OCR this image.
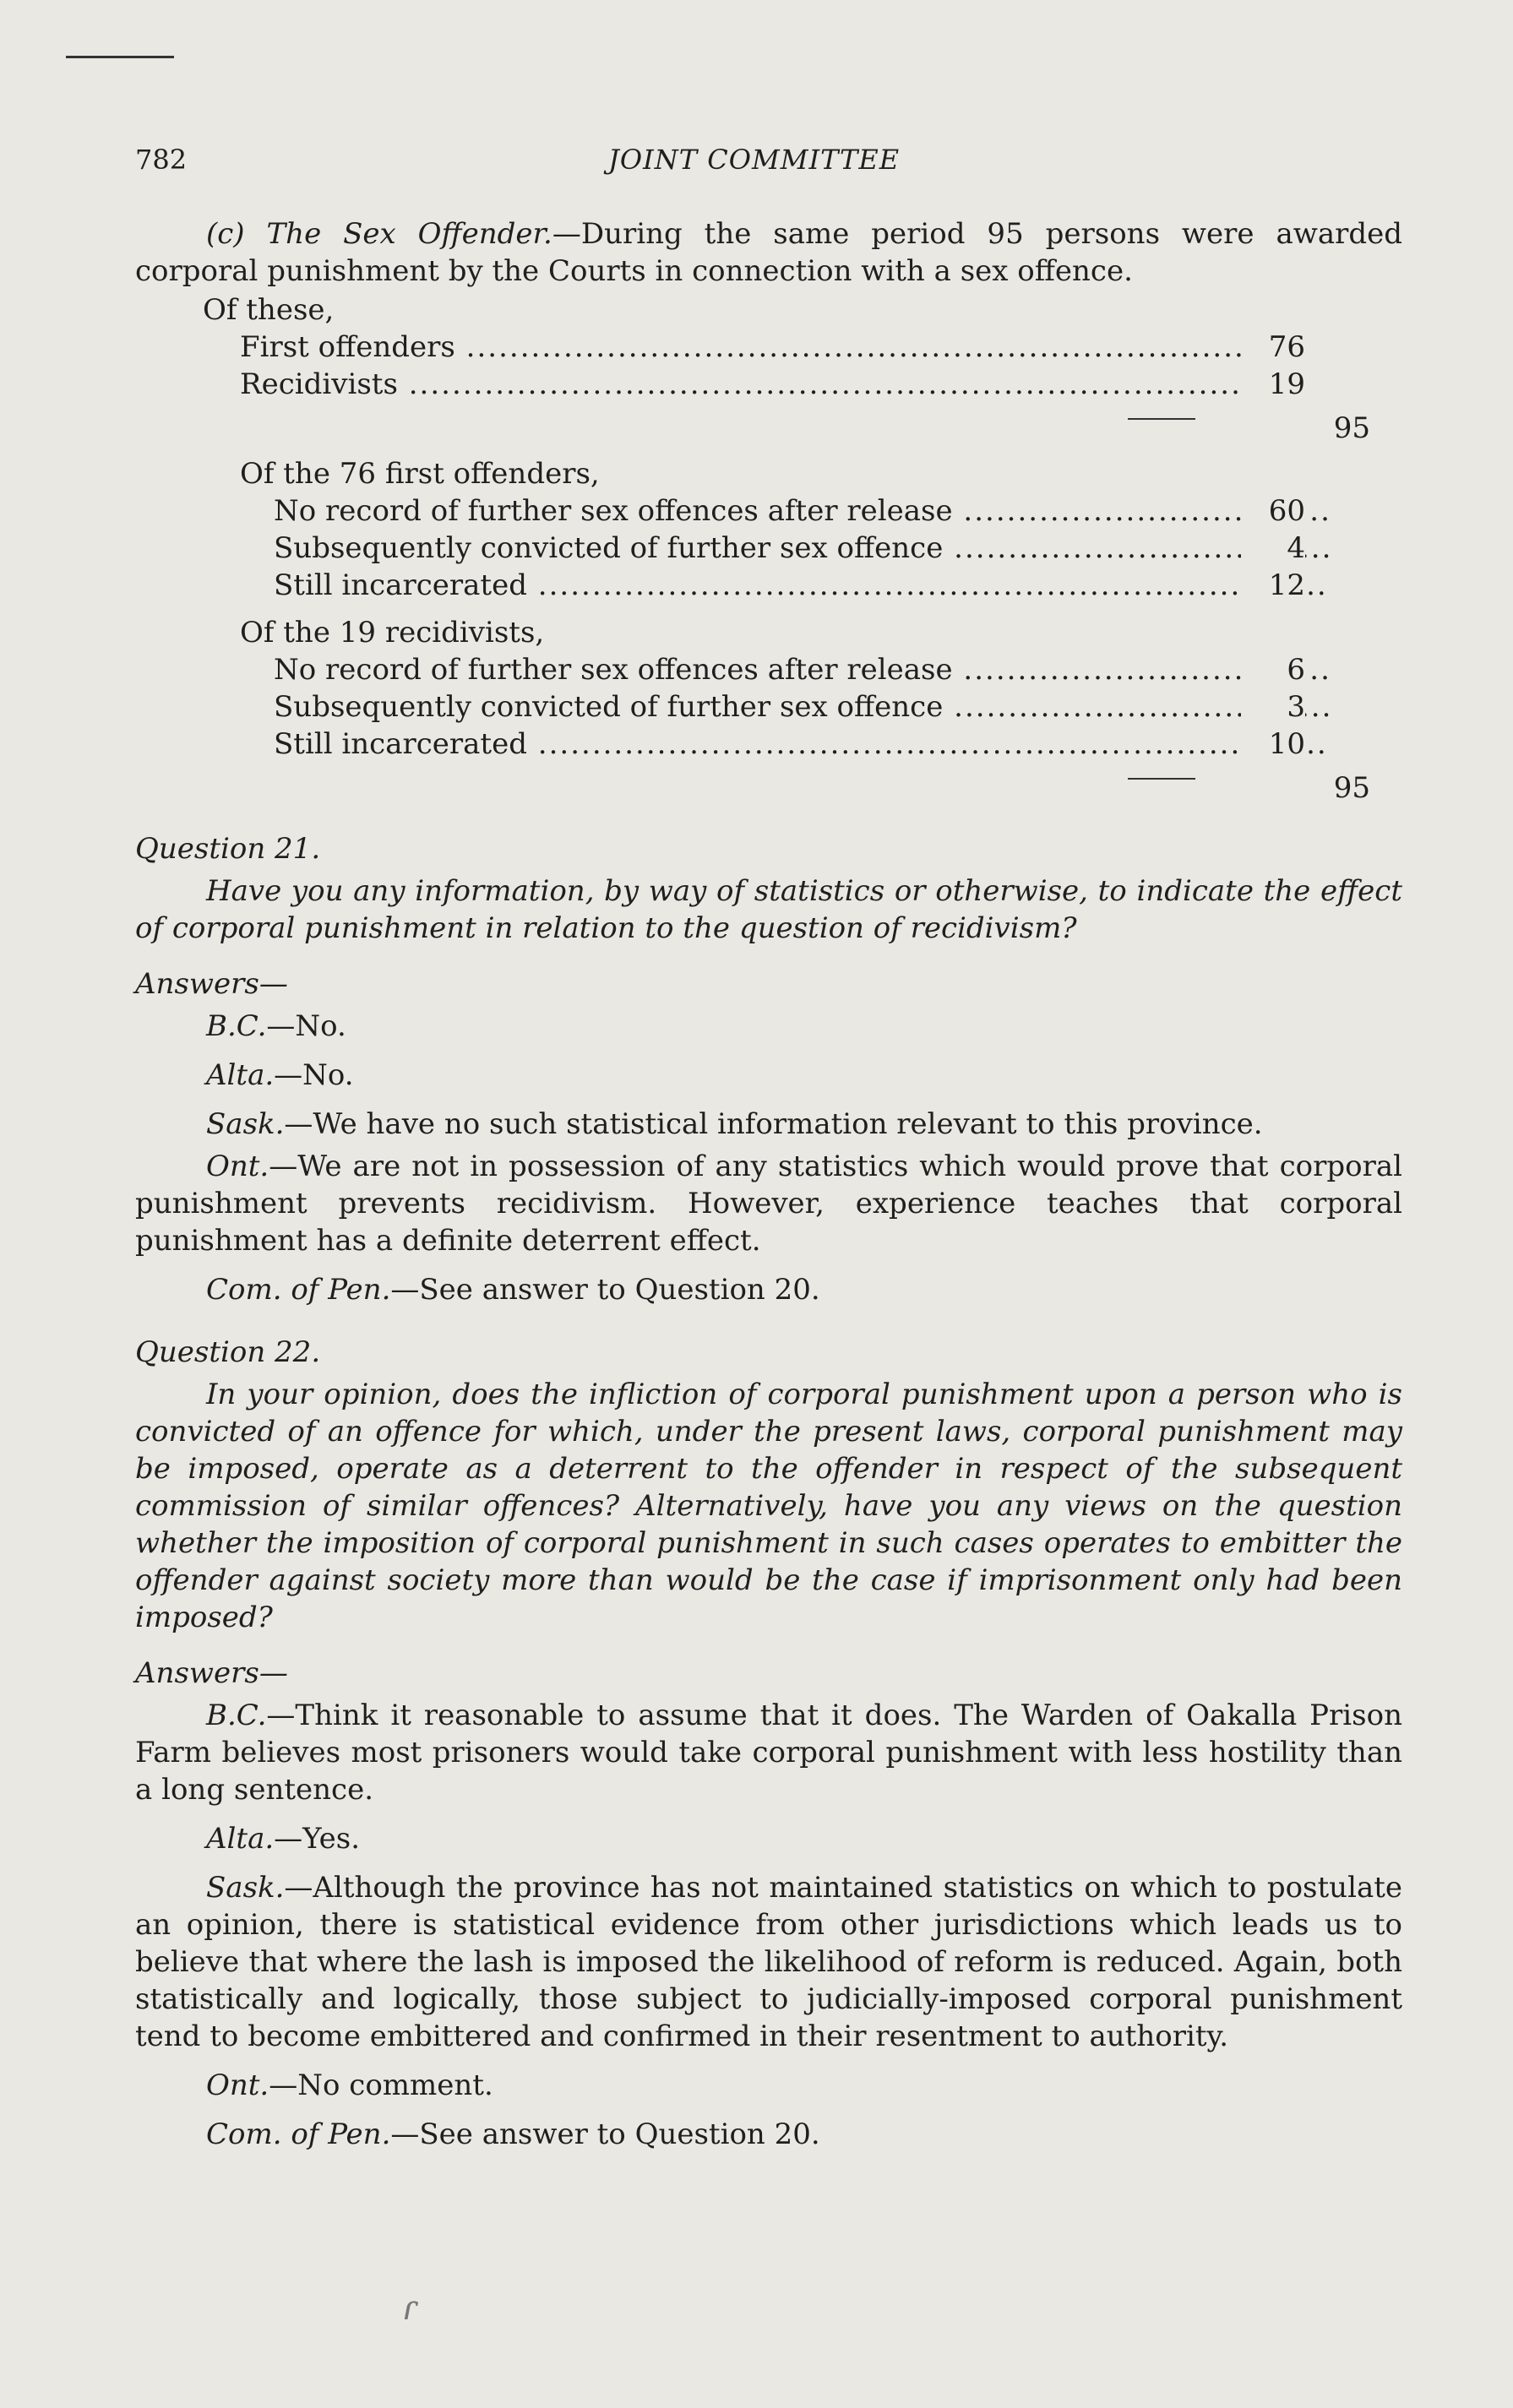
782	JOINT COMMITTEE

(c) The Sex Offender.—During the same period 95 persons were awarded corporal punishment by the Courts in connection with a sex offence.

Of these,
First offenders .....	76
Recidivists .....	19
95
Of the 76 first offenders,
No record of further sex offences after release .....	60
Subsequently convicted of further sex offence .....	4
Still incarcerated .....	12
Of the 19 recidivists,
No record of further sex offences after release .....	6
Subsequently convicted of further sex offence .....	3
Still incarcerated .....	10
95
Question 21.

Have you any information, by way of statistics or otherwise, to indicate the effect of corporal punishment in relation to the question of recidivism?

Answers—

B.C.—No.

Alta.—No.

Sask.—We have no such statistical information relevant to this province.

Ont.—We are not in possession of any statistics which would prove that corporal punishment prevents recidivism. However, experience teaches that corporal punishment has a definite deterrent effect.

Com. of Pen.—See answer to Question 20.

Question 22.

In your opinion, does the infliction of corporal punishment upon a person who is convicted of an offence for which, under the present laws, corporal punishment may be imposed, operate as a deterrent to the offender in respect of the subsequent commission of similar offences? Alternatively, have you any views on the question whether the imposition of corporal punishment in such cases operates to embitter the offender against society more than would be the case if imprisonment only had been imposed?

Answers—

B.C.—Think it reasonable to assume that it does. The Warden of Oakalla Prison Farm believes most prisoners would take corporal punishment with less hostility than a long sentence.

Alta.—Yes.

Sask.—Although the province has not maintained statistics on which to postulate an opinion, there is statistical evidence from other jurisdictions which leads us to believe that where the lash is imposed the likelihood of reform is reduced. Again, both statistically and logically, those subject to judicially-imposed corporal punishment tend to become embittered and confirmed in their resentment to authority.

Ont.—No comment.

Com. of Pen.—See answer to Question 20.

ɾ
